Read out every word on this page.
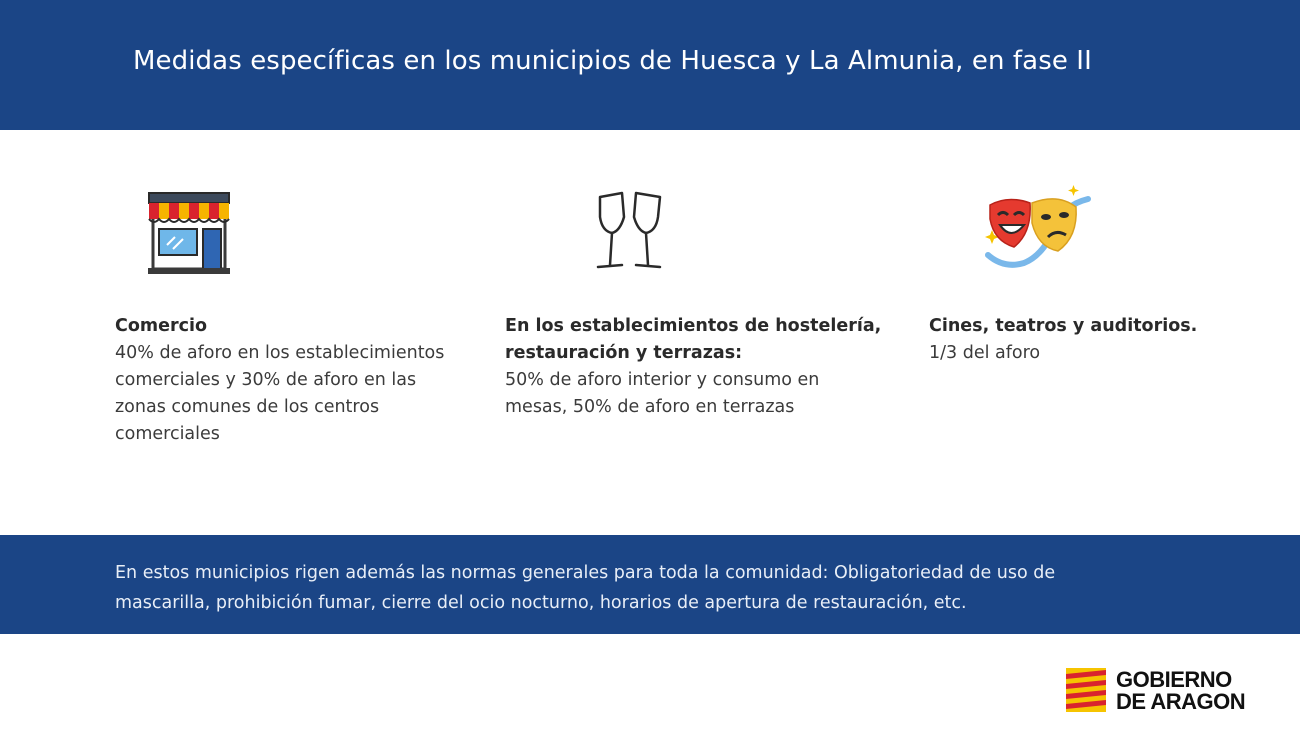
Medidas específicas en los municipios de Huesca y La Almunia, en fase II
Comercio
40% de aforo en los establecimientos
comerciales y 30% de aforo en las
zonas comunes de los centros
comerciales
En los establecimientos de hostelería,
restauración y terrazas:
50% de aforo interior y consumo en
mesas, 50% de aforo en terrazas
Cines, teatros y auditorios.
1/3 del aforo
En estos municipios rigen además las normas generales para toda la comunidad: Obligatoriedad de uso de
mascarilla, prohibición fumar, cierre del ocio nocturno, horarios de apertura de restauración, etc.
GOBIERNO
DE ARAGON
